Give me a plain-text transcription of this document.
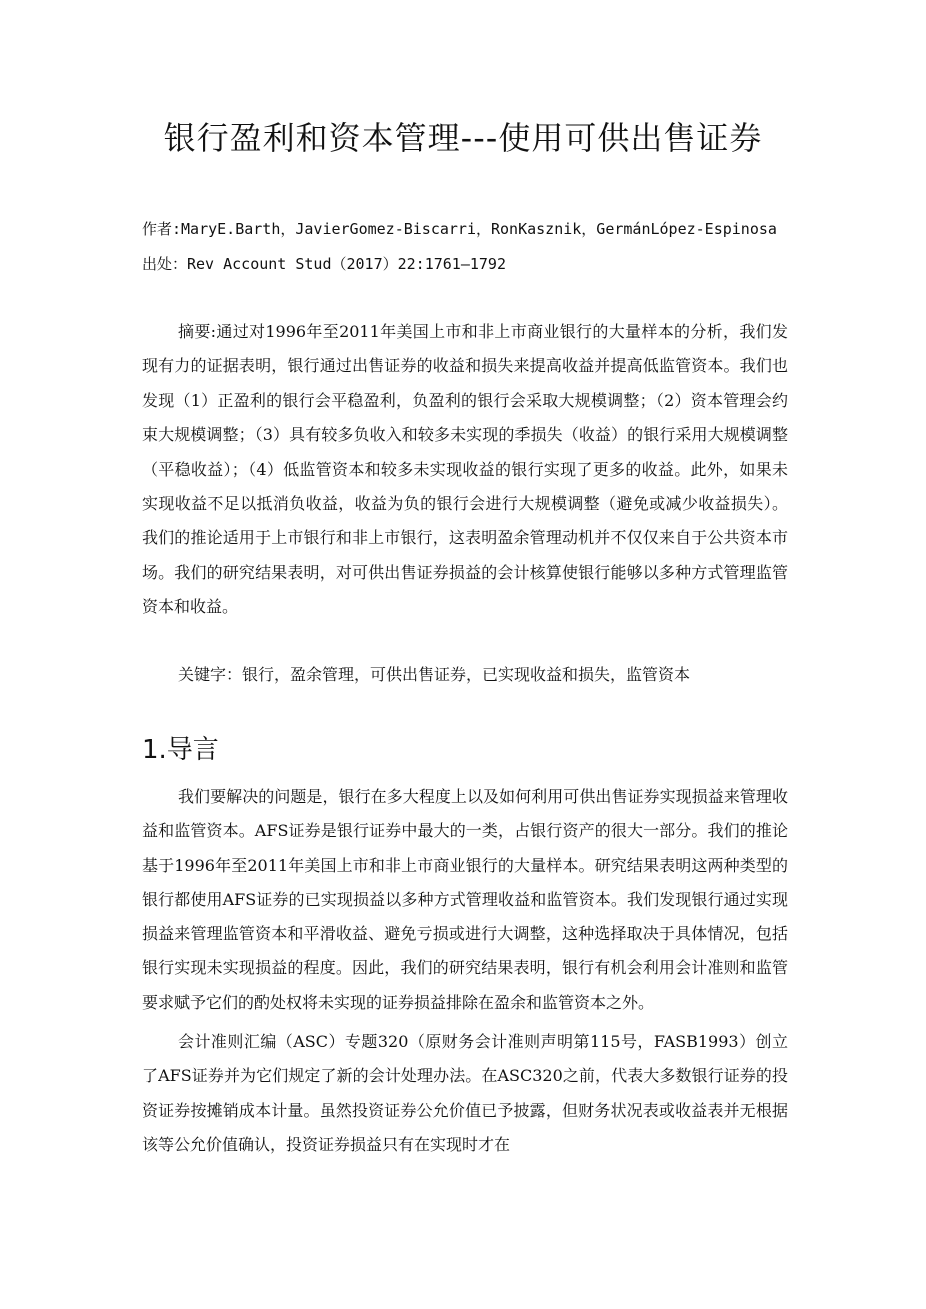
银行盈利和资本管理---使用可供出售证券
作者:MaryE.Barth，JavierGomez-Biscarri，RonKasznik，GermánLópez-Espinosa
出处：Rev Account Stud（2017）22:1761–1792

摘要:通过对1996年至2011年美国上市和非上市商业银行的大量样本的分析，我们发现有力的证据表明，银行通过出售证券的收益和损失来提高收益并提高低监管资本。我们也发现（1）正盈利的银行会平稳盈利，负盈利的银行会采取大规模调整；（2）资本管理会约束大规模调整；（3）具有较多负收入和较多未实现的季损失（收益）的银行采用大规模调整（平稳收益）；（4）低监管资本和较多未实现收益的银行实现了更多的收益。此外，如果未实现收益不足以抵消负收益，收益为负的银行会进行大规模调整（避免或减少收益损失）。我们的推论适用于上市银行和非上市银行，这表明盈余管理动机并不仅仅来自于公共资本市场。我们的研究结果表明，对可供出售证券损益的会计核算使银行能够以多种方式管理监管资本和收益。

关键字：银行，盈余管理，可供出售证券，已实现收益和损失，监管资本

1.导言

我们要解决的问题是，银行在多大程度上以及如何利用可供出售证券实现损益来管理收益和监管资本。AFS证券是银行证券中最大的一类，占银行资产的很大一部分。我们的推论基于1996年至2011年美国上市和非上市商业银行的大量样本。研究结果表明这两种类型的银行都使用AFS证券的已实现损益以多种方式管理收益和监管资本。我们发现银行通过实现损益来管理监管资本和平滑收益、避免亏损或进行大调整，这种选择取决于具体情况，包括银行实现未实现损益的程度。因此，我们的研究结果表明，银行有机会利用会计准则和监管要求赋予它们的酌处权将未实现的证券损益排除在盈余和监管资本之外。

会计准则汇编（ASC）专题320（原财务会计准则声明第115号，FASB1993）创立了AFS证券并为它们规定了新的会计处理办法。在ASC320之前，代表大多数银行证券的投资证券按摊销成本计量。虽然投资证券公允价值已予披露，但财务状况表或收益表并无根据该等公允价值确认，投资证券损益只有在实现时才在
